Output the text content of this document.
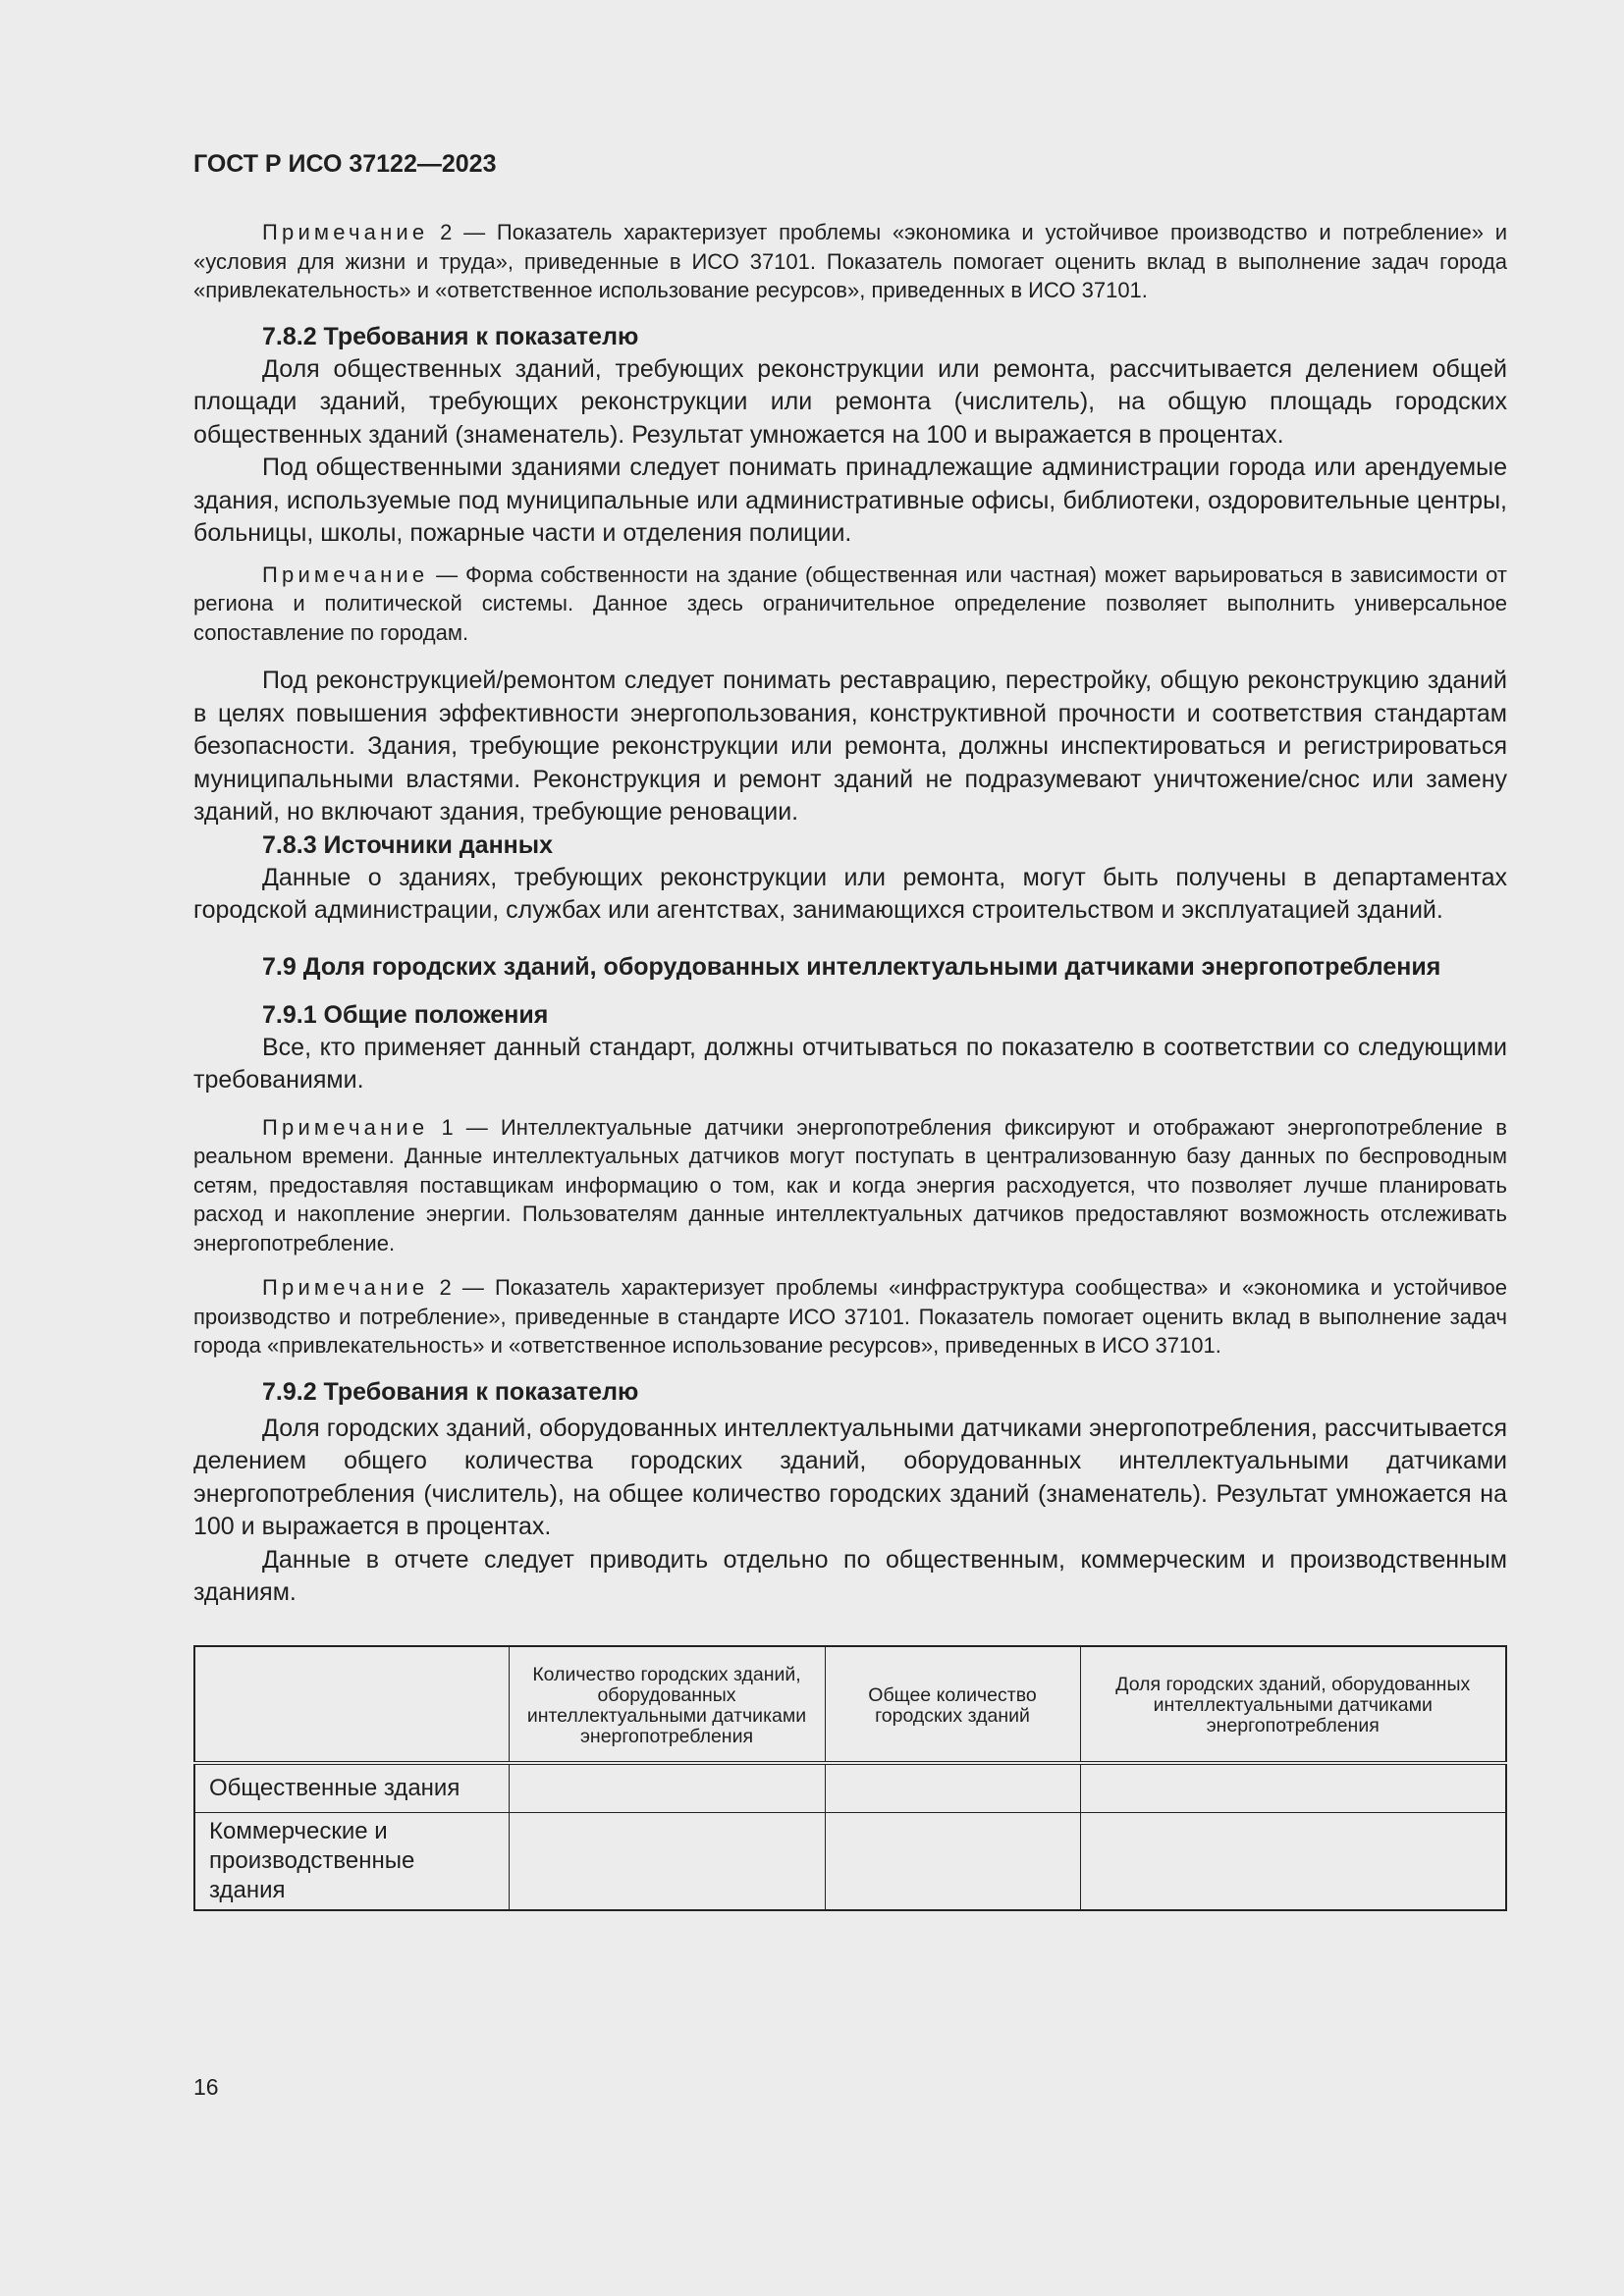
ГОСТ Р ИСО 37122—2023

Примечание 2 — Показатель характеризует проблемы «экономика и устойчивое производство и потребление» и «условия для жизни и труда», приведенные в ИСО 37101. Показатель помогает оценить вклад в выполнение задач города «привлекательность» и «ответственное использование ресурсов», приведенных в ИСО 37101.

7.8.2 Требования к показателю

Доля общественных зданий, требующих реконструкции или ремонта, рассчитывается делением общей площади зданий, требующих реконструкции или ремонта (числитель), на общую площадь городских общественных зданий (знаменатель). Результат умножается на 100 и выражается в процентах.

Под общественными зданиями следует понимать принадлежащие администрации города или арендуемые здания, используемые под муниципальные или административные офисы, библиотеки, оздоровительные центры, больницы, школы, пожарные части и отделения полиции.

Примечание — Форма собственности на здание (общественная или частная) может варьироваться в зависимости от региона и политической системы. Данное здесь ограничительное определение позволяет выполнить универсальное сопоставление по городам.

Под реконструкцией/ремонтом следует понимать реставрацию, перестройку, общую реконструкцию зданий в целях повышения эффективности энергопользования, конструктивной прочности и соответствия стандартам безопасности. Здания, требующие реконструкции или ремонта, должны инспектироваться и регистрироваться муниципальными властями. Реконструкция и ремонт зданий не подразумевают уничтожение/снос или замену зданий, но включают здания, требующие реновации.

7.8.3 Источники данных

Данные о зданиях, требующих реконструкции или ремонта, могут быть получены в департаментах городской администрации, службах или агентствах, занимающихся строительством и эксплуатацией зданий.

7.9 Доля городских зданий, оборудованных интеллектуальными датчиками энергопотребления
7.9.1 Общие положения

Все, кто применяет данный стандарт, должны отчитываться по показателю в соответствии со следующими требованиями.

Примечание 1 — Интеллектуальные датчики энергопотребления фиксируют и отображают энергопотребление в реальном времени. Данные интеллектуальных датчиков могут поступать в централизованную базу данных по беспроводным сетям, предоставляя поставщикам информацию о том, как и когда энергия расходуется, что позволяет лучше планировать расход и накопление энергии. Пользователям данные интеллектуальных датчиков предоставляют возможность отслеживать энергопотребление.

Примечание 2 — Показатель характеризует проблемы «инфраструктура сообщества» и «экономика и устойчивое производство и потребление», приведенные в стандарте ИСО 37101. Показатель помогает оценить вклад в выполнение задач города «привлекательность» и «ответственное использование ресурсов», приведенных в ИСО 37101.

7.9.2 Требования к показателю

Доля городских зданий, оборудованных интеллектуальными датчиками энергопотребления, рассчитывается делением общего количества городских зданий, оборудованных интеллектуальными датчиками энергопотребления (числитель), на общее количество городских зданий (знаменатель). Результат умножается на 100 и выражается в процентах.

Данные в отчете следует приводить отдельно по общественным, коммерческим и производственным зданиям.

	Количество городских зданий, оборудованных интеллектуальными датчиками энергопотребления	Общее количество городских зданий	Доля городских зданий, оборудованных интеллектуальными датчиками энергопотребления
Общественные здания			
Коммерческие и производственные здания			
16
